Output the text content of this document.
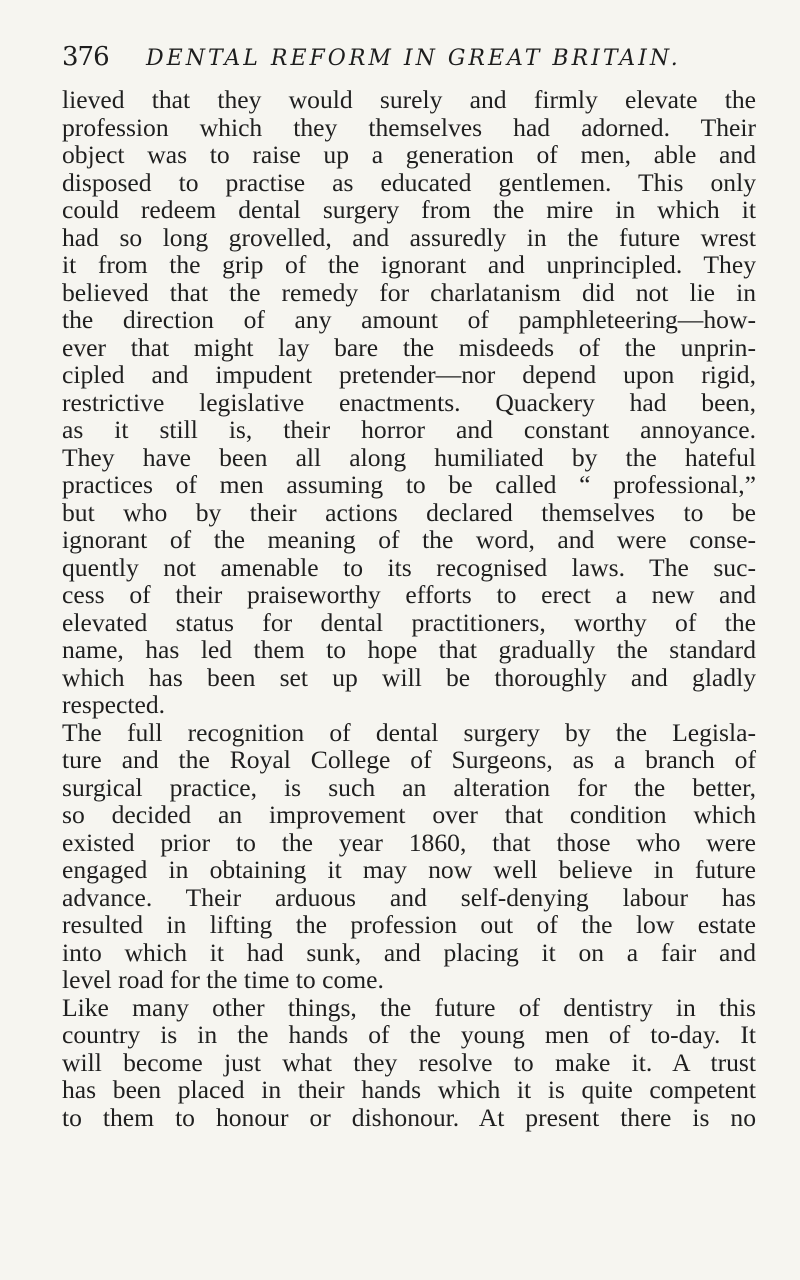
376 DENTAL REFORM IN GREAT BRITAIN.
lieved that they would surely and firmly elevate the
profession which they themselves had adorned. Their
object was to raise up a generation of men, able and
disposed to practise as educated gentlemen. This only
could redeem dental surgery from the mire in which it
had so long grovelled, and assuredly in the future wrest
it from the grip of the ignorant and unprincipled. They
believed that the remedy for charlatanism did not lie in
the direction of any amount of pamphleteering—how-
ever that might lay bare the misdeeds of the unprin-
cipled and impudent pretender—nor depend upon rigid,
restrictive legislative enactments. Quackery had been,
as it still is, their horror and constant annoyance.
They have been all along humiliated by the hateful
practices of men assuming to be called “ professional,”
but who by their actions declared themselves to be
ignorant of the meaning of the word, and were conse-
quently not amenable to its recognised laws. The suc-
cess of their praiseworthy efforts to erect a new and
elevated status for dental practitioners, worthy of the
name, has led them to hope that gradually the standard
which has been set up will be thoroughly and gladly
respected.
The full recognition of dental surgery by the Legisla-
ture and the Royal College of Surgeons, as a branch of
surgical practice, is such an alteration for the better,
so decided an improvement over that condition which
existed prior to the year 1860, that those who were
engaged in obtaining it may now well believe in future
advance. Their arduous and self-denying labour has
resulted in lifting the profession out of the low estate
into which it had sunk, and placing it on a fair and
level road for the time to come.
Like many other things, the future of dentistry in this
country is in the hands of the young men of to-day. It
will become just what they resolve to make it. A trust
has been placed in their hands which it is quite competent
to them to honour or dishonour. At present there is no
